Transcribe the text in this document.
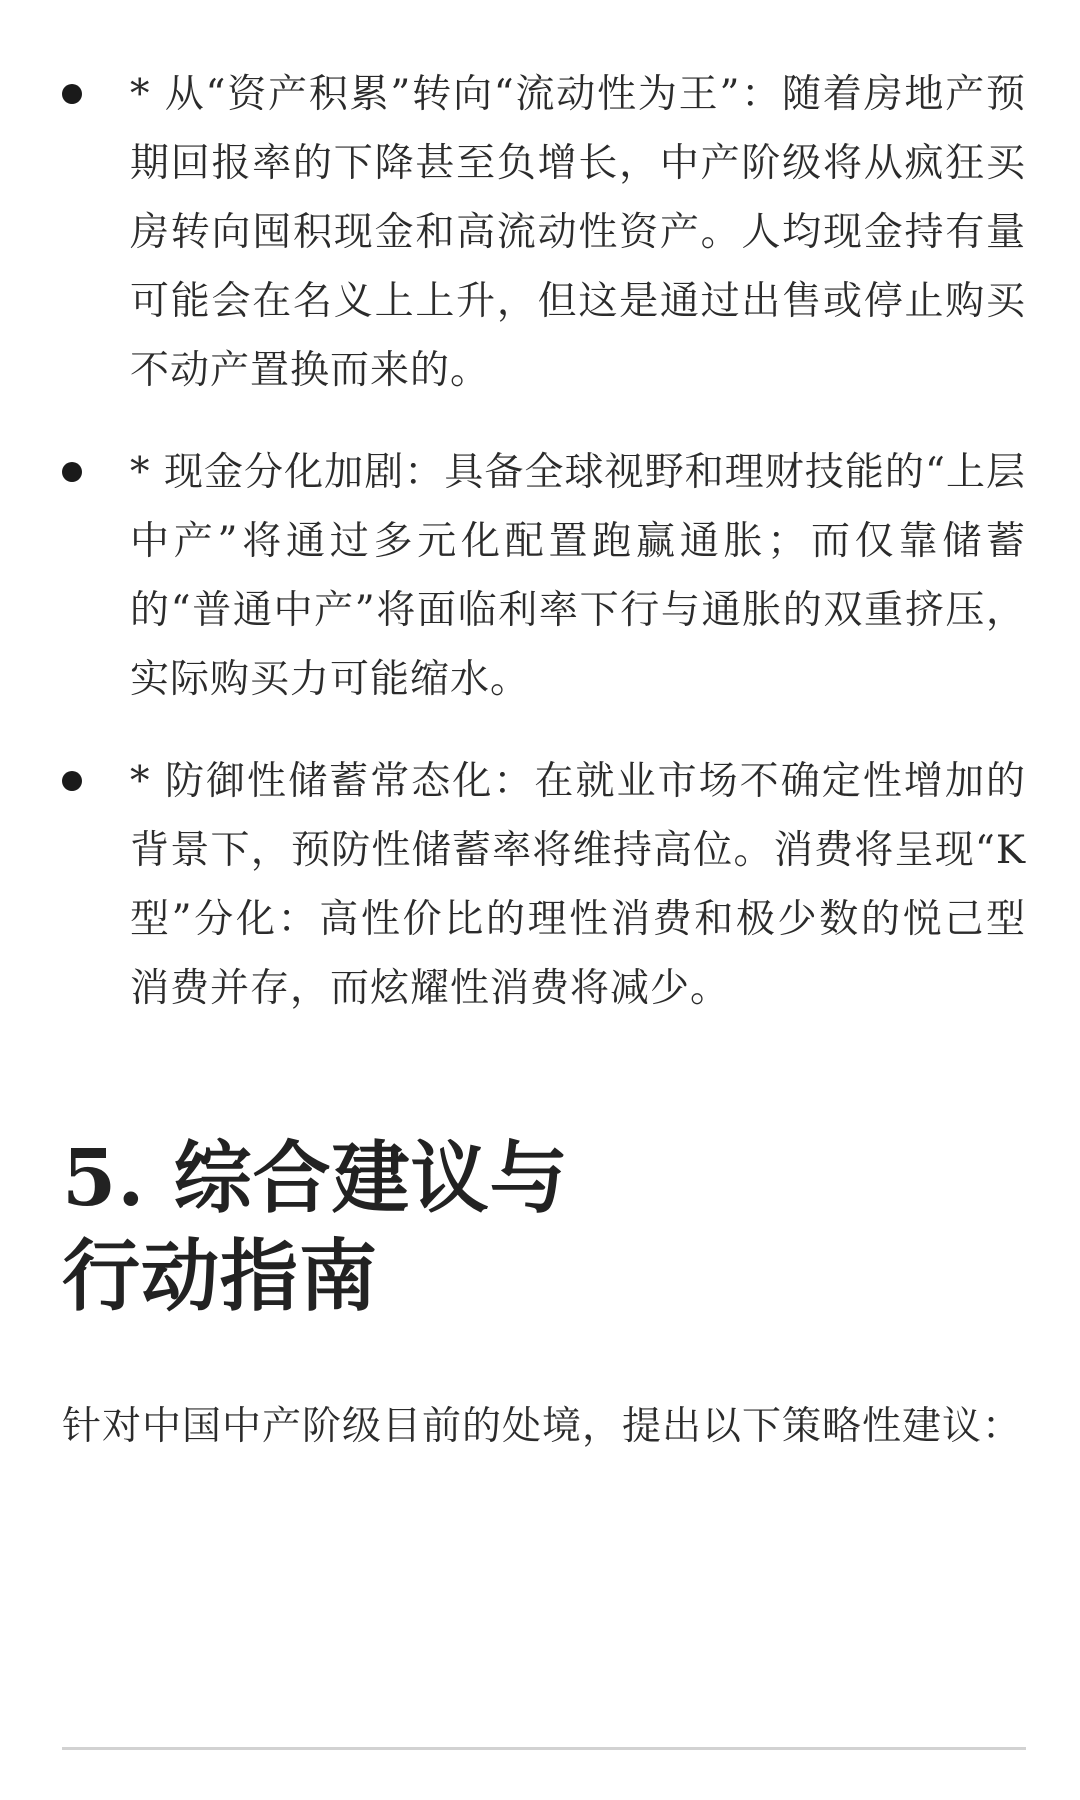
* 从“资产积累”转向“流动性为王”：随着房地产预期回报率的下降甚至负增长，中产阶级将从疯狂买房转向囤积现金和高流动性资产。人均现金持有量可能会在名义上上升，但这是通过出售或停止购买不动产置换而来的。
* 现金分化加剧：具备全球视野和理财技能的“上层中产”将通过多元化配置跑赢通胀；而仅靠储蓄的“普通中产”将面临利率下行与通胀的双重挤压，实际购买力可能缩水。
* 防御性储蓄常态化：在就业市场不确定性增加的背景下，预防性储蓄率将维持高位。消费将呈现“K型”分化：高性价比的理性消费和极少数的悦己型消费并存，而炫耀性消费将减少。
5. 综合建议与
行动指南

针对中国中产阶级目前的处境，提出以下策略性建议：
